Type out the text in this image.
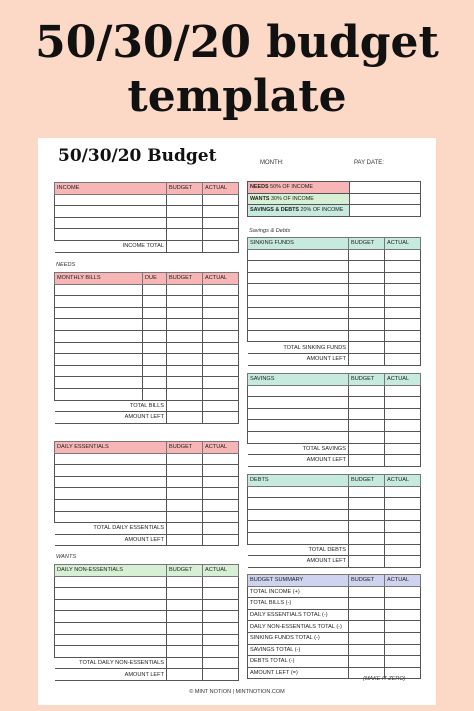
50/30/20 budget
template
50/30/20 Budget	MONTH:	PAY DATE:
NEEDS 50% OF INCOME	
WANTS 30% OF INCOME	
SAVINGS & DEBTS 20% OF INCOME	
INCOME	BUDGET	ACTUAL

INCOME TOTAL		
NEEDS
MONTHLY BILLS	DUE	BUDGET	ACTUAL

TOTAL BILLS			
AMOUNT LEFT			
DAILY ESSENTIALS	BUDGET	ACTUAL

TOTAL DAILY ESSENTIALS		
AMOUNT LEFT		
WANTS
DAILY NON-ESSENTIALS	BUDGET	ACTUAL

TOTAL DAILY NON-ESSENTIALS		
AMOUNT LEFT		
Savings & Debts
SINKING FUNDS	BUDGET	ACTUAL

TOTAL SINKING FUNDS		
AMOUNT LEFT		
SAVINGS	BUDGET	ACTUAL

TOTAL SAVINGS		
AMOUNT LEFT		
DEBTS	BUDGET	ACTUAL

TOTAL DEBTS		
AMOUNT LEFT		
BUDGET SUMMARY	BUDGET	ACTUAL
TOTAL INCOME (+)		
TOTAL BILLS (-)		
DAILY ESSENTIALS TOTAL (-)		
DAILY NON-ESSENTIALS TOTAL (-)		
SINKING FUNDS TOTAL (-)		
SAVINGS TOTAL (-)		
DEBTS TOTAL (-)		
AMOUNT LEFT (=)		
(MAKE IT ZERO)
© MINT NOTION | MINTNOTION.COM
